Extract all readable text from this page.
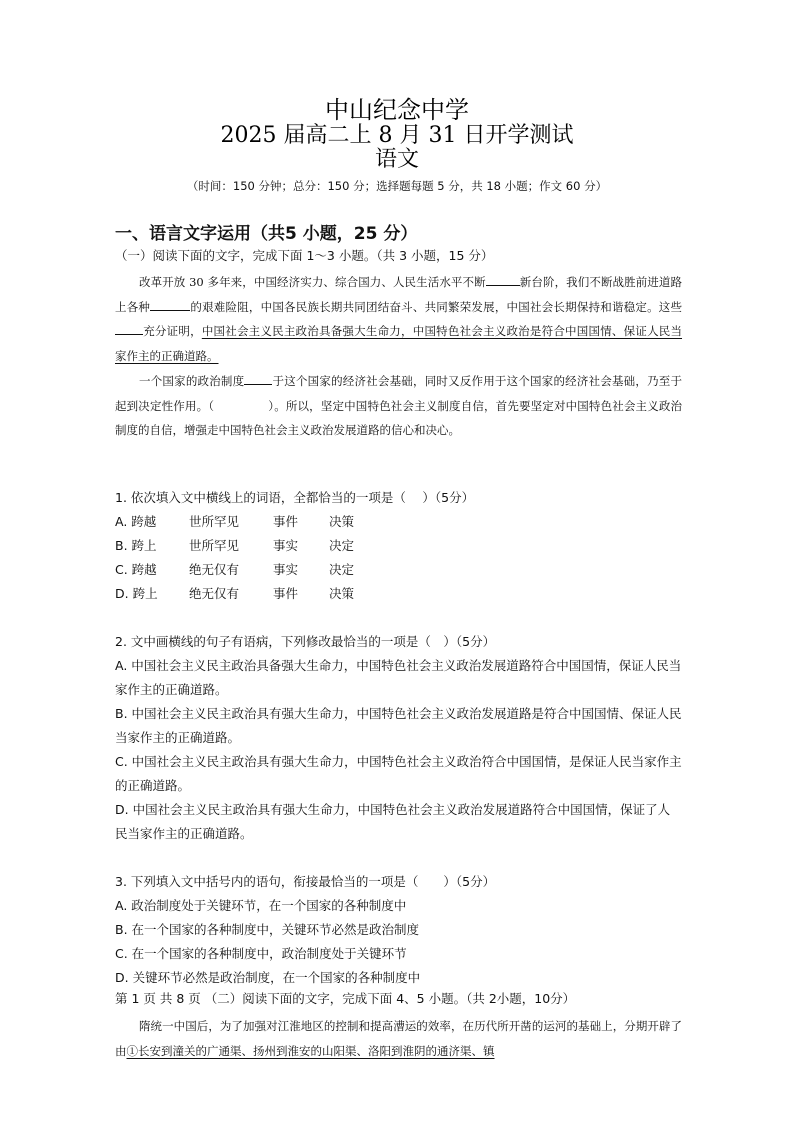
中山纪念中学
2025 届高二上 8 月 31 日开学测试
语文
（时间：150 分钟；总分：150 分；选择题每题 5 分，共 18 小题；作文 60 分）
一、语言文字运用（共5 小题，25 分）
（一）阅读下面的文字，完成下面 1～3 小题。（共 3 小题，15 分）
改革开放 30 多年来，中国经济实力、综合国力、人民生活水平不断	新台阶，我们不断战胜前进道路上各种	的艰难险阻，中国各民族长期共同团结奋斗、共同繁荣发展，中国社会长期保持和谐稳定。这些充分证明，中国社会主义民主政治具备强大生命力，中国特色社会主义政治是符合中国国情、保证人民当家作主的正确道路。
一个国家的政治制度 于这个国家的经济社会基础，同时又反作用于这个国家的经济社会基础，乃至于起到决定性作用。（	）。所以，坚定中国特色社会主义制度自信，首先要坚定对中国特色社会主义政治制度的自信，增强走中国特色社会主义政治发展道路的信心和决心。
1. 依次填入文中横线上的词语，全都恰当的一项是（　 ）（5分）
A. 跨越	世所罕见	事件 决策
B. 跨上	世所罕见	事实 决定
C. 跨越	绝无仅有	事实 决定
D. 跨上	绝无仅有	事件 决策
2. 文中画横线的句子有语病，下列修改最恰当的一项是（　）（5分）
A. 中国社会主义民主政治具备强大生命力，中国特色社会主义政治发展道路符合中国国情，保证人民当家作主的正确道路。
B. 中国社会主义民主政治具有强大生命力，中国特色社会主义政治发展道路是符合中国国情、保证人民当家作主的正确道路。
C. 中国社会主义民主政治具有强大生命力，中国特色社会主义政治符合中国国情，是保证人民当家作主的正确道路。
D. 中国社会主义民主政治具有强大生命力，中国特色社会主义政治发展道路符合中国国情，保证了人民当家作主的正确道路。
3. 下列填入文中括号内的语句，衔接最恰当的一项是（　　）（5分）
A. 政治制度处于关键环节，在一个国家的各种制度中
B. 在一个国家的各种制度中，关键环节必然是政治制度
C. 在一个国家的各种制度中，政治制度处于关键环节
D. 关键环节必然是政治制度，在一个国家的各种制度中
第 1 页 共 8 页 （二）阅读下面的文字，完成下面 4、5 小题。（共 2小题，10分）
隋统一中国后，为了加强对江淮地区的控制和提高漕运的效率，在历代所开凿的运河的基础上，分期开辟了由①长安到潼关的广通渠、扬州到淮安的山阳渠、洛阳到淮阴的通济渠、镇
